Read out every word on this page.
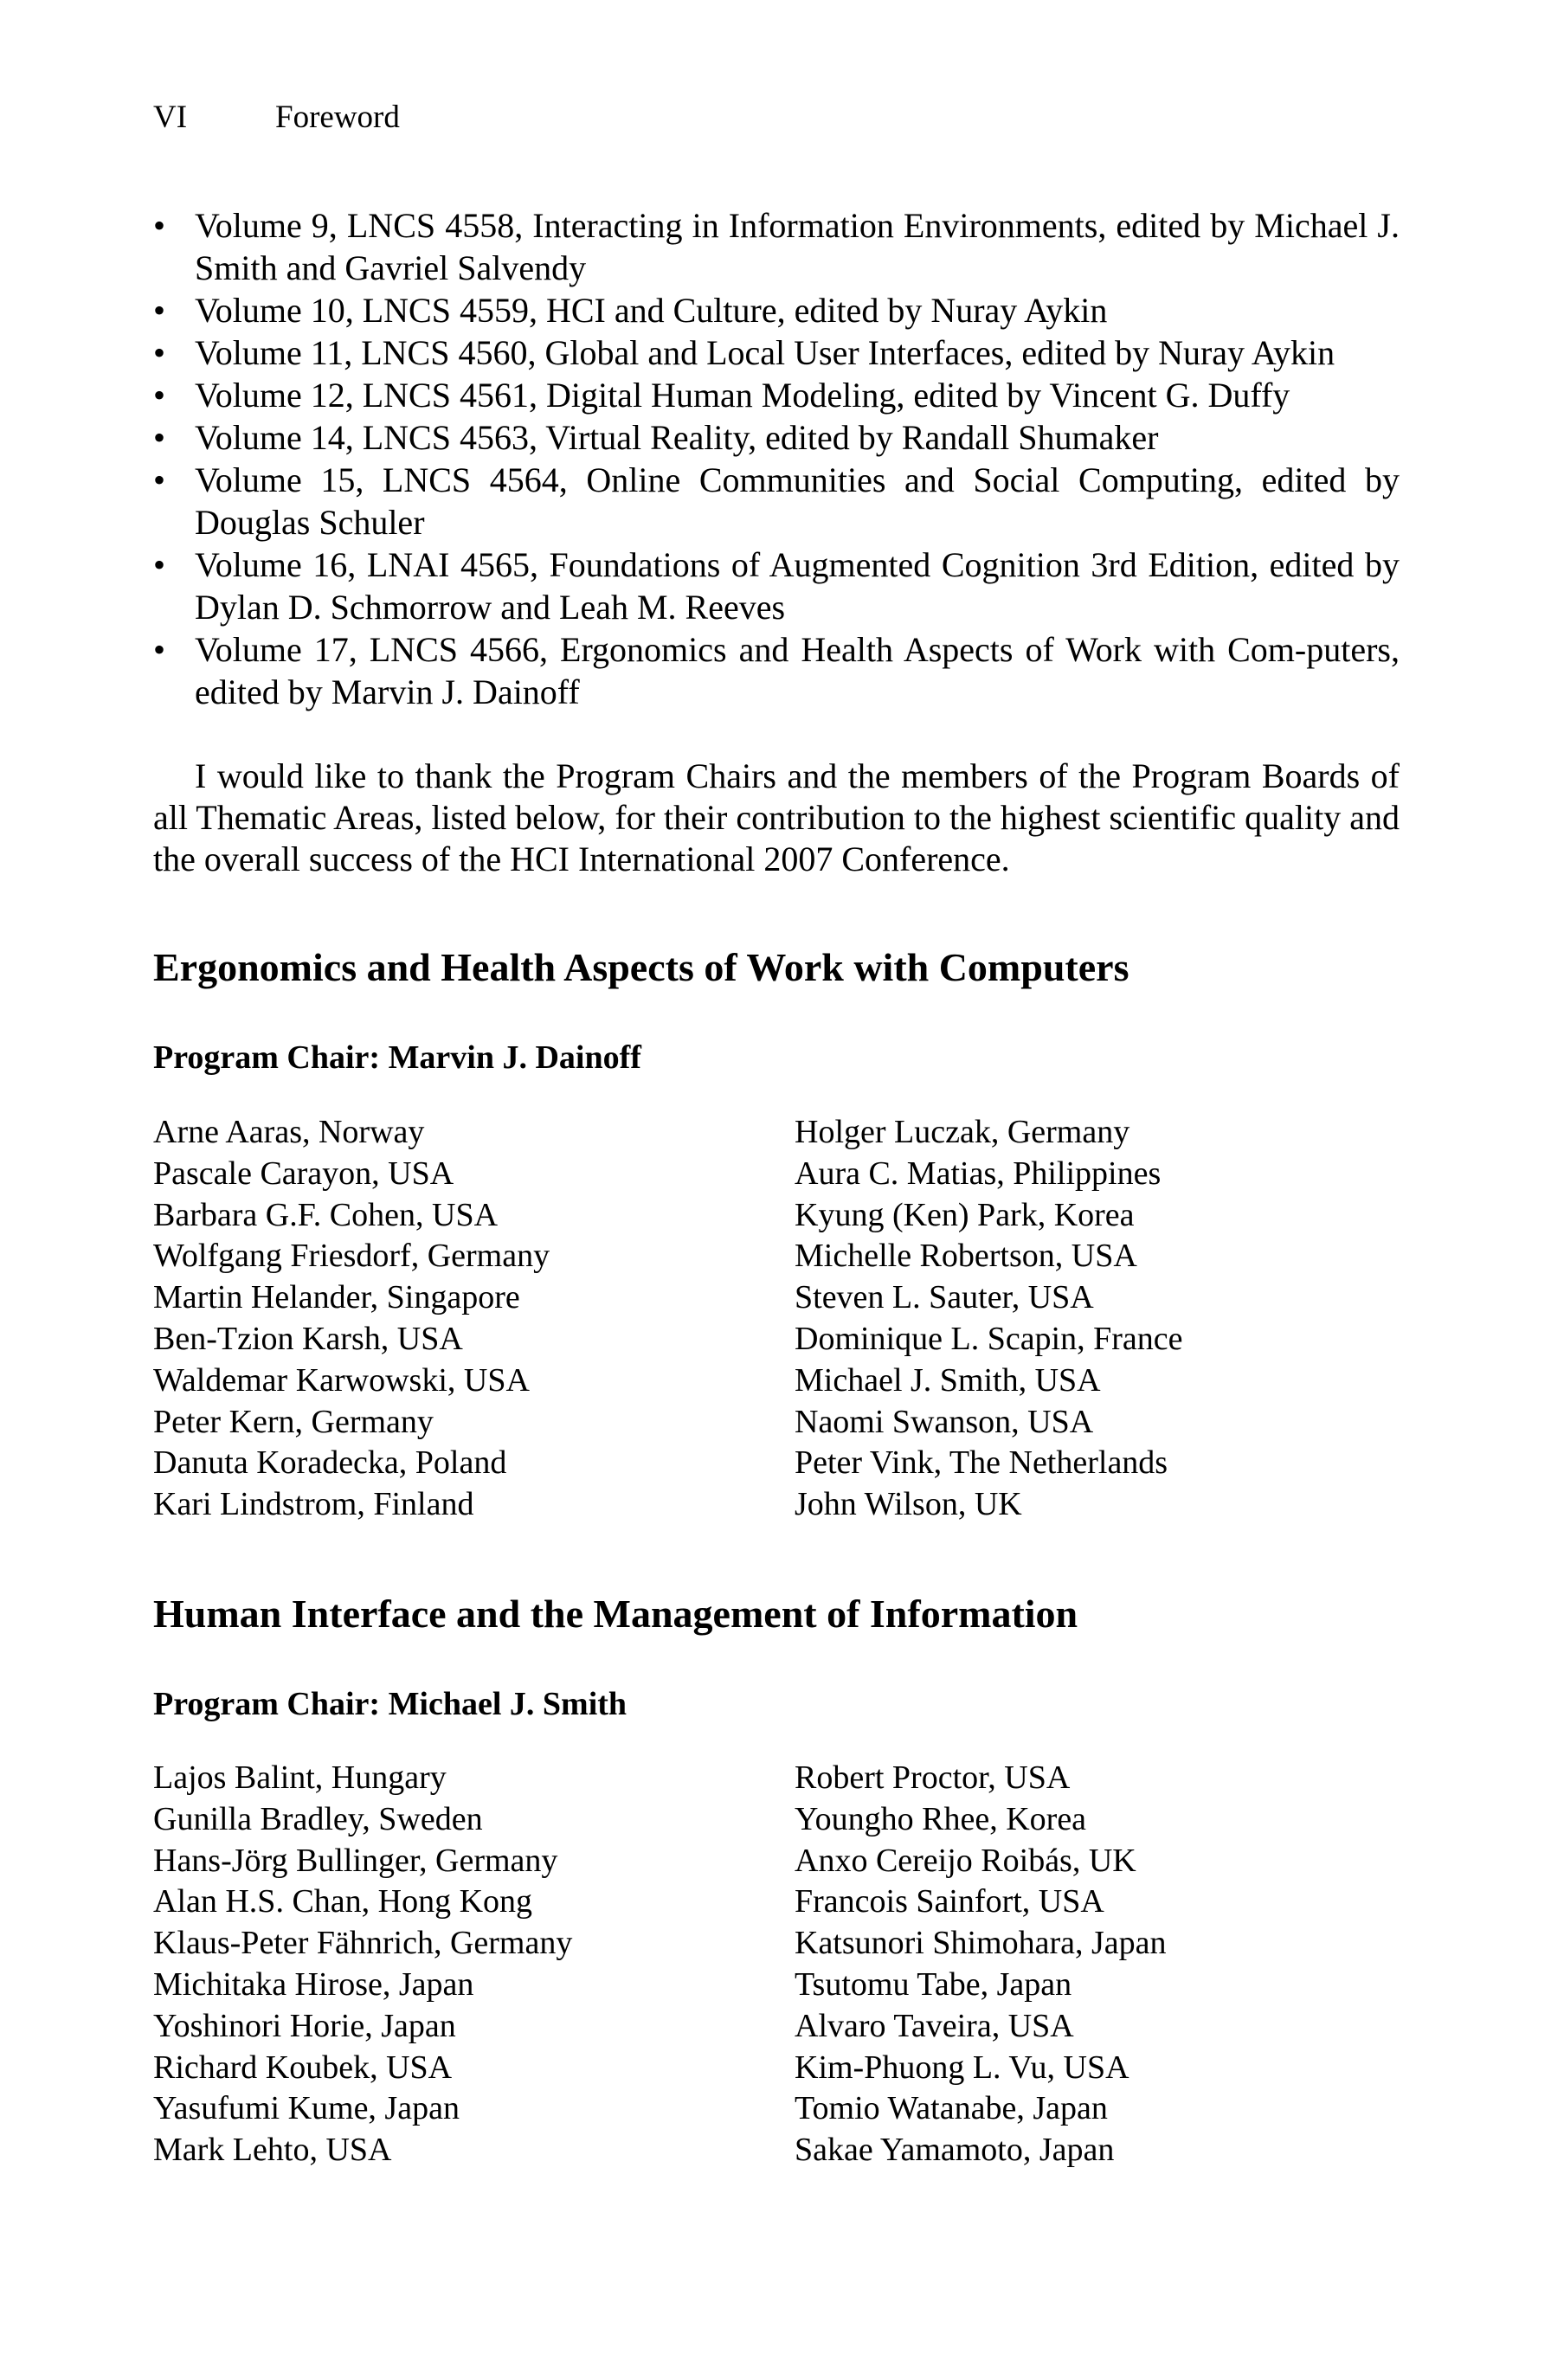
VI	Foreword
• Volume 9, LNCS 4558, Interacting in Information Environments, edited by Michael J. Smith and Gavriel Salvendy
• Volume 10, LNCS 4559, HCI and Culture, edited by Nuray Aykin
• Volume 11, LNCS 4560, Global and Local User Interfaces, edited by Nuray Aykin
• Volume 12, LNCS 4561, Digital Human Modeling, edited by Vincent G. Duffy
• Volume 14, LNCS 4563, Virtual Reality, edited by Randall Shumaker
• Volume 15, LNCS 4564, Online Communities and Social Computing, edited by Douglas Schuler
• Volume 16, LNAI 4565, Foundations of Augmented Cognition 3rd Edition, edited by Dylan D. Schmorrow and Leah M. Reeves
• Volume 17, LNCS 4566, Ergonomics and Health Aspects of Work with Com-puters, edited by Marvin J. Dainoff

I would like to thank the Program Chairs and the members of the Program Boards of all Thematic Areas, listed below, for their contribution to the highest scientific quality and the overall success of the HCI International 2007 Conference.

Ergonomics and Health Aspects of Work with Computers

Program Chair: Marvin J. Dainoff

Arne Aaras, Norway
Pascale Carayon, USA
Barbara G.F. Cohen, USA
Wolfgang Friesdorf, Germany
Martin Helander, Singapore
Ben-Tzion Karsh, USA
Waldemar Karwowski, USA
Peter Kern, Germany
Danuta Koradecka, Poland
Kari Lindstrom, Finland
Holger Luczak, Germany
Aura C. Matias, Philippines
Kyung (Ken) Park, Korea
Michelle Robertson, USA
Steven L. Sauter, USA
Dominique L. Scapin, France
Michael J. Smith, USA
Naomi Swanson, USA
Peter Vink, The Netherlands
John Wilson, UK
Human Interface and the Management of Information

Program Chair: Michael J. Smith

Lajos Balint, Hungary
Gunilla Bradley, Sweden
Hans-Jörg Bullinger, Germany
Alan H.S. Chan, Hong Kong
Klaus-Peter Fähnrich, Germany
Michitaka Hirose, Japan
Yoshinori Horie, Japan
Richard Koubek, USA
Yasufumi Kume, Japan
Mark Lehto, USA
Robert Proctor, USA
Youngho Rhee, Korea
Anxo Cereijo Roibás, UK
Francois Sainfort, USA
Katsunori Shimohara, Japan
Tsutomu Tabe, Japan
Alvaro Taveira, USA
Kim-Phuong L. Vu, USA
Tomio Watanabe, Japan
Sakae Yamamoto, Japan
